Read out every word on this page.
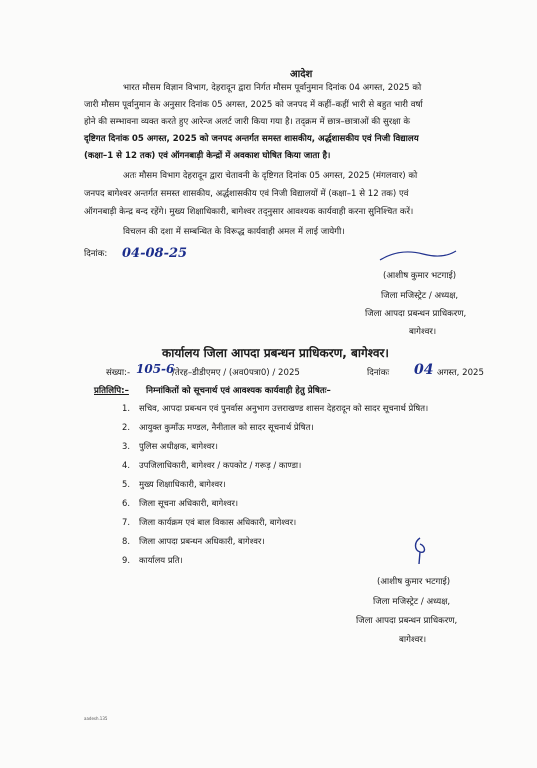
आदेश
भारत मौसम विज्ञान विभाग, देहरादून द्वारा निर्गत मौसम पूर्वानुमान दिनांक 04 अगस्त, 2025 को
जारी मौसम पूर्वानुमान के अनुसार दिनांक 05 अगस्त, 2025 को जनपद में कहीं–कहीं भारी से बहुत भारी वर्षा
होने की सम्भावना व्यक्त करते हुए आरेन्ज अलर्ट जारी किया गया है। तद्क्रम में छात्र–छात्राओं की सुरक्षा के
दृष्टिगत दिनांक 05 अगस्त, 2025 को जनपद अन्तर्गत समस्त शासकीय, अर्द्धशासकीय एवं निजी विद्यालय
(कक्षा–1 से 12 तक) एवं ऑगनबाड़ी केन्द्रों में अवकाश घोषित किया जाता है।
अतः मौसम विभाग देहरादून द्वारा चेतावनी के दृष्टिगत दिनांक 05 अगस्त, 2025 (मंगलवार) को
जनपद बागेश्वर अन्तर्गत समस्त शासकीय, अर्द्धशासकीय एवं निजी विद्यालयों में (कक्षा–1 से 12 तक) एवं
ऑगनबाड़ी केन्द्र बन्द रहेंगे। मुख्य शिक्षाधिकारी, बागेश्वर तद्नुसार आवश्यक कार्यवाही करना सुनिश्चित करें।
विचलन की दशा में सम्बन्धित के विरूद्ध कार्यवाही अमल में लाई जायेगी।
दिनांक: 04-08-25
(आशीष कुमार भटगाई)
जिला मजिस्ट्रेट / अध्यक्ष,
जिला आपदा प्रबन्धन प्राधिकरण,
बागेश्वर।
कार्यालय जिला आपदा प्रबन्धन प्राधिकरण, बागेश्वर।
संख्या:- 105-6
/तेरह–डीडीएमए / (अव0पत्रा0) / 2025	दिनांकः 04 अगस्त, 2025
प्रतिलिपि:– निम्नांकितों को सूचनार्थ एवं आवश्यक कार्यवाही हेतु प्रेषितः–
1. सचिव, आपदा प्रबन्धन एवं पुनर्वास अनुभाग उत्तराखण्ड शासन देहरादून को सादर सूचनार्थ प्रेषित।
2. आयुक्त कुमाँऊ मण्डल, नैनीताल को सादर सूचनार्थ प्रेषित।
3. पुलिस अधीक्षक, बागेश्वर।
4. उपजिलाधिकारी, बागेश्वर / कपकोट / गरूड़ / काण्डा।
5. मुख्य शिक्षाधिकारी, बागेश्वर।
6. जिला सूचना अधिकारी, बागेश्वर।
7. जिला कार्यक्रम एवं बाल विकास अधिकारी, बागेश्वर।
8. जिला आपदा प्रबन्धन अधिकारी, बागेश्वर।
9. कार्यालय प्रति।
(आशीष कुमार भटगाई)
जिला मजिस्ट्रेट / अध्यक्ष,
जिला आपदा प्रबन्धन प्राधिकरण,
बागेश्वर।
aadesh.135
